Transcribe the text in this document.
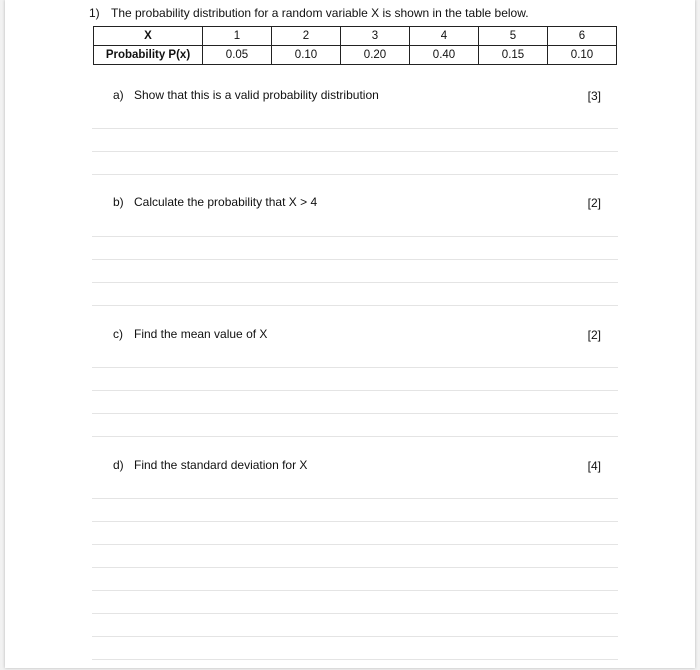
1) The probability distribution for a random variable X is shown in the table below.
X	1	2	3	4	5	6
Probability P(x)	0.05	0.10	0.20	0.40	0.15	0.10
a) Show that this is a valid probability distribution	[3]
b) Calculate the probability that X > 4	[2]
c) Find the mean value of X	[2]
d) Find the standard deviation for X	[4]
